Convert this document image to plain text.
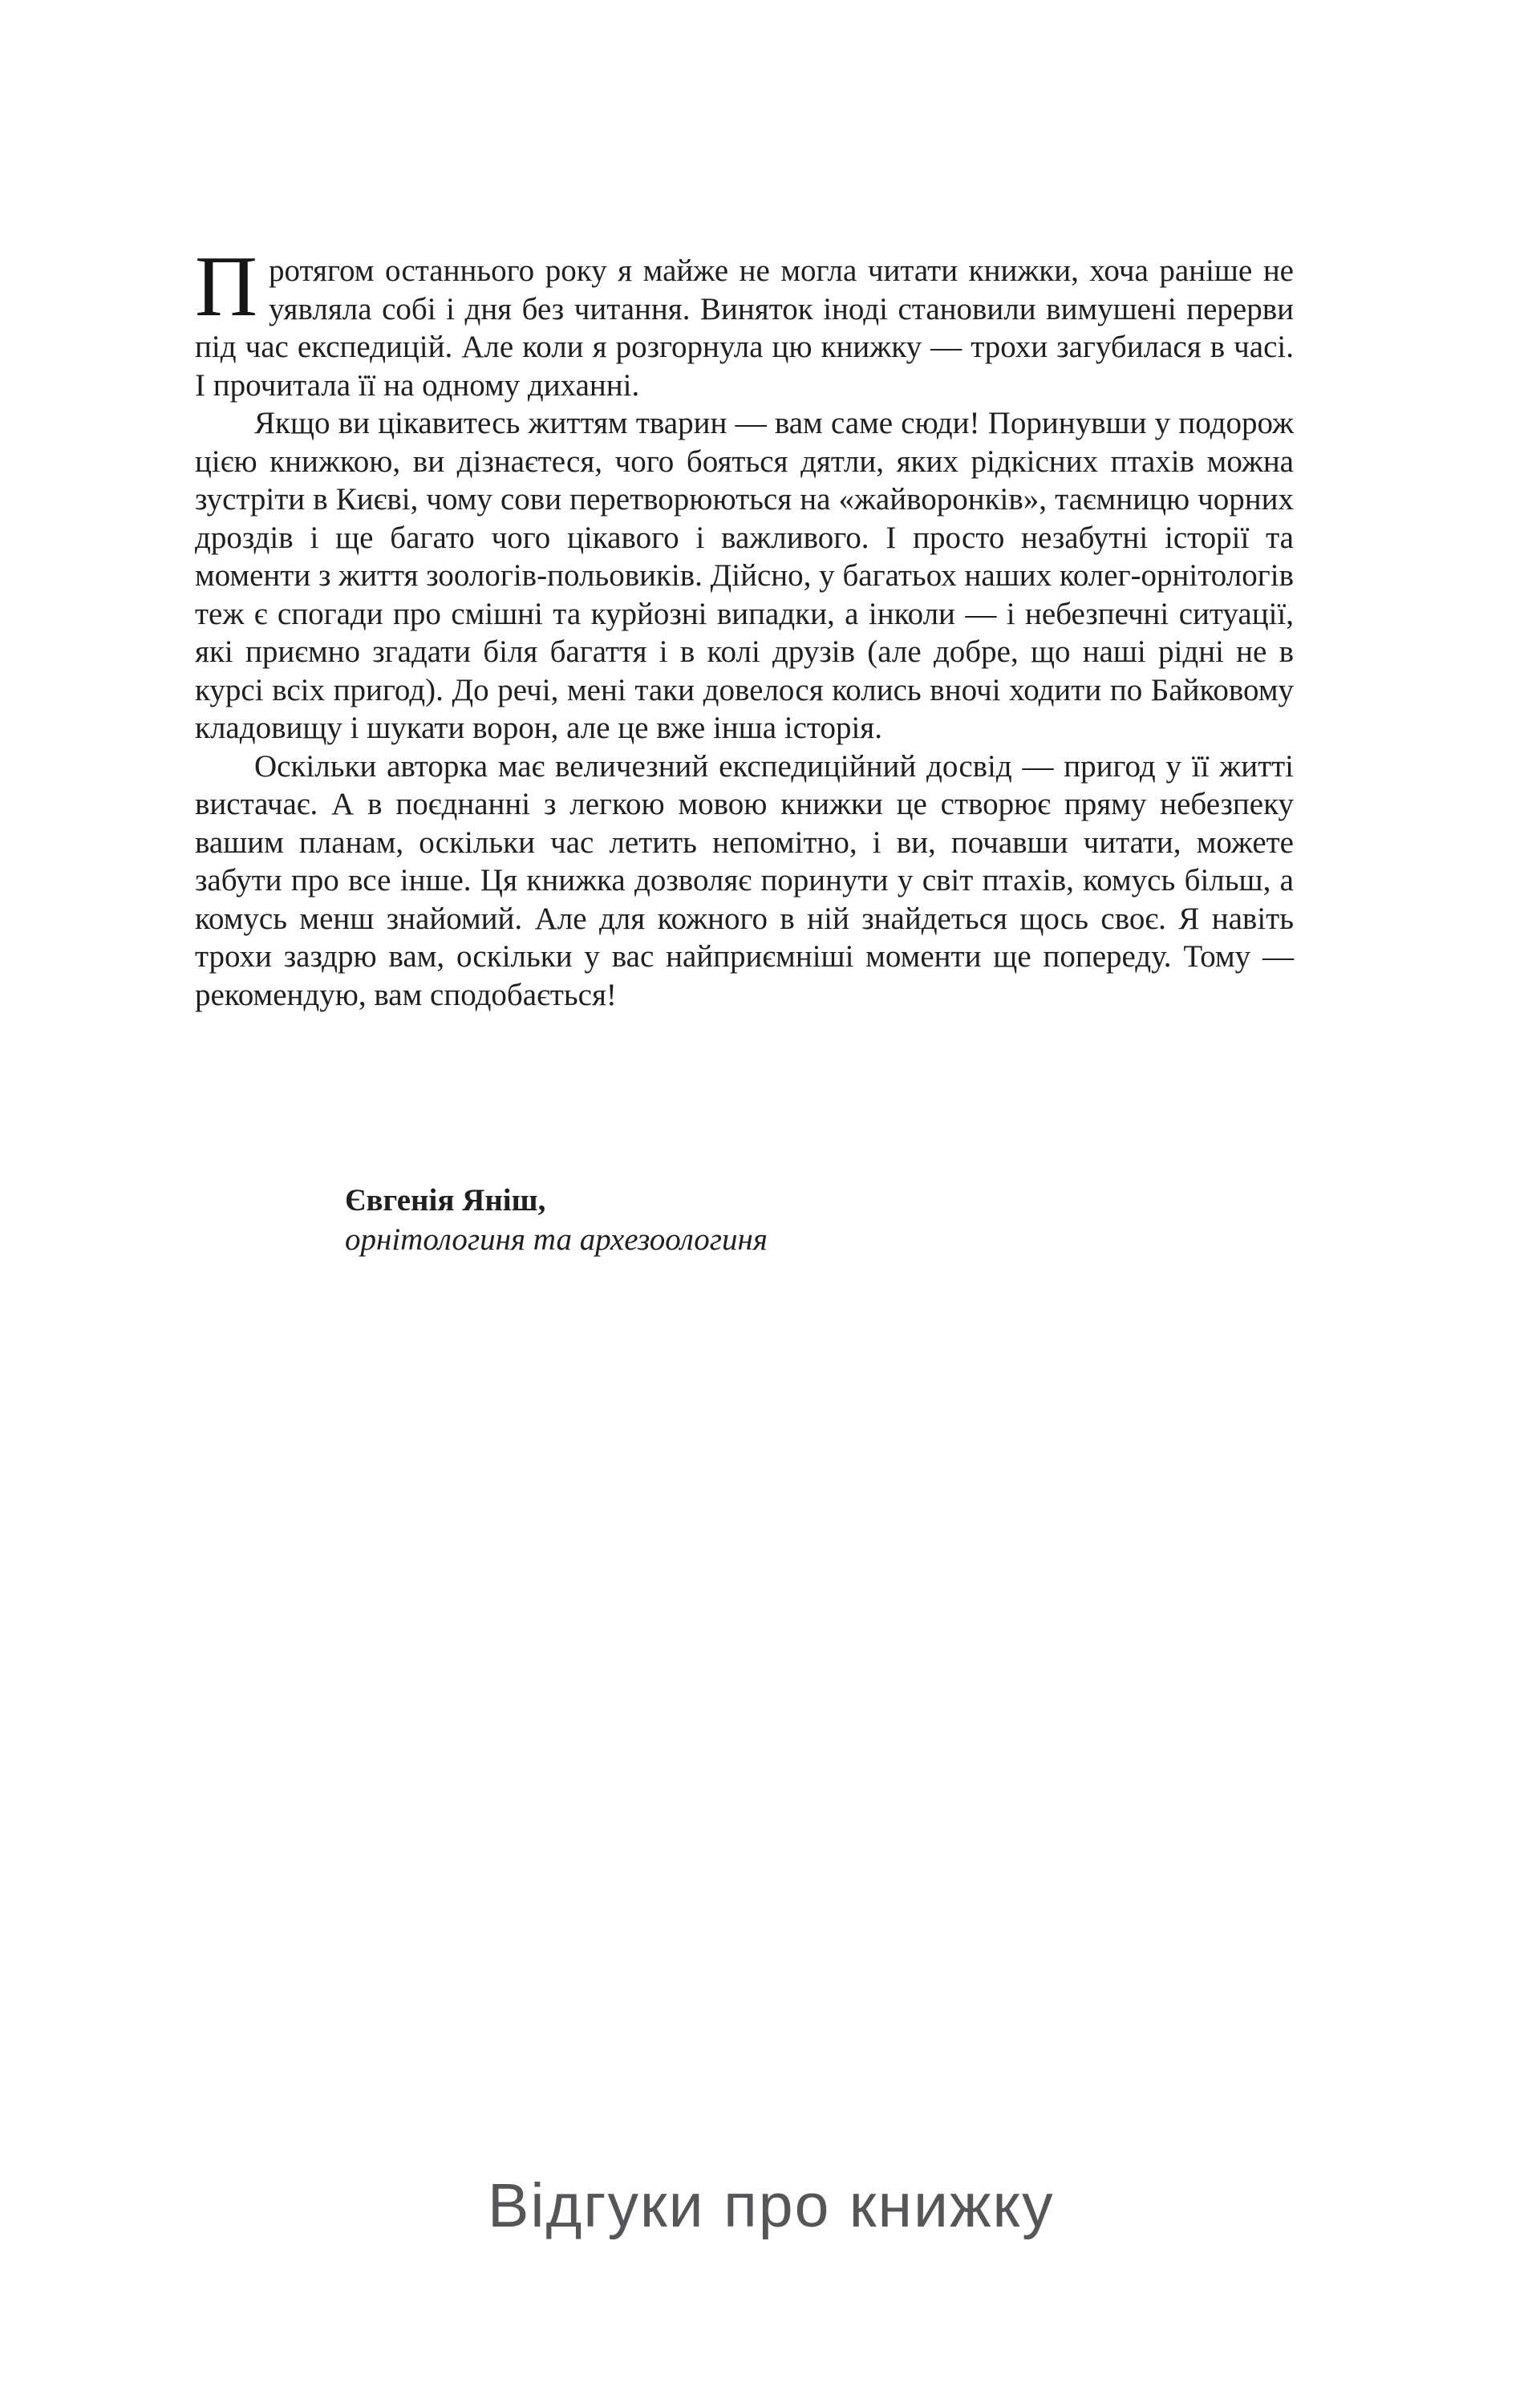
Протягом останнього року я майже не могла читати книжки, хоча раніше не уявляла собі і дня без читання. Виняток іноді становили вимушені перерви під час експедицій. Але коли я розгорнула цю книжку — трохи загубилася в часі. І прочитала її на одному диханні.

Якщо ви цікавитесь життям тварин — вам саме сюди! Поринувши у подорож цією книжкою, ви дізнаєтеся, чого бояться дятли, яких рідкісних птахів можна зустріти в Києві, чому сови перетворюються на «жайворонків», таємницю чорних дроздів і ще багато чого цікавого і важливого. І просто незабутні історії та моменти з життя зоологів-польовиків. Дійсно, у багатьох наших колег-орнітологів теж є спогади про смішні та курйозні випадки, а інколи — і небезпечні ситуації, які приємно згадати біля багаття і в колі друзів (але добре, що наші рідні не в курсі всіх пригод). До речі, мені таки довелося колись вночі ходити по Байковому кладовищу і шукати ворон, але це вже інша історія.

Оскільки авторка має величезний експедиційний досвід — пригод у її житті вистачає. А в поєднанні з легкою мовою книжки це створює пряму небезпеку вашим планам, оскільки час летить непомітно, і ви, почавши читати, можете забути про все інше. Ця книжка дозволяє поринути у світ птахів, комусь більш, а комусь менш знайомий. Але для кожного в ній знайдеться щось своє. Я навіть трохи заздрю вам, оскільки у вас найприємніші моменти ще попереду. Тому — рекомендую, вам сподобається!

Євгенія Яніш,
орнітологиня та архезоологиня
Відгуки про книжку
